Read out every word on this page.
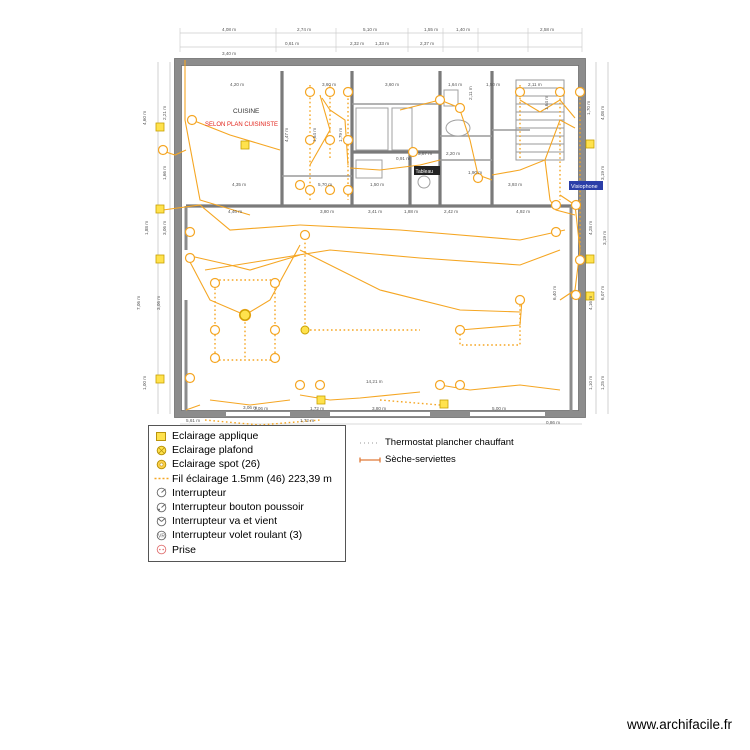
CUISINE
SELON PLAN CUISINISTE
Visiophone
Tableau
4,08 m	2,74 m	5,10 m	1,55 m	1,40 m	2,58 m
3,40 m
0,61 m	2,32 m 1,33 m	2,37 m
4,60 m	2,21 m
1,66 m
1,88 m	3,06 m
7,06 m	3,06 m
1,00 m
4,08 m
1,70 m
3,19 m
4,28 m
3,19 m
6,07 m
4,16 m
1,25 m
1,10 m
4,20 m	3,60 m	3,60 m	1,64 m	1,50 m	2,11 m
4,35 m	5,70 m	1,50 m	3,93 m
4,46 m	3,80 m	3,41 m	1,88 m	2,42 m	4,92 m
4,47 m	1,64 m	1,79 m
2,11 m
1,64 m
6,40 m
0,91 m
3,87 m	2,20 m
1,90 m
14,21 m
3,80 m	5,00 m
3,06 m	1,72 m
5,61 m
3,06 m
1,72 m	0,86 m
Eclairage applique
Eclairage plafond
Eclairage spot (26)
Fil éclairage 1.5mm (46) 223,39 m
Interrupteur
Interrupteur bouton poussoir
Interrupteur va et vient
VR Interrupteur volet roulant (3)
Prise
Thermostat plancher chauffant
Sèche-serviettes
www.archifacile.fr
